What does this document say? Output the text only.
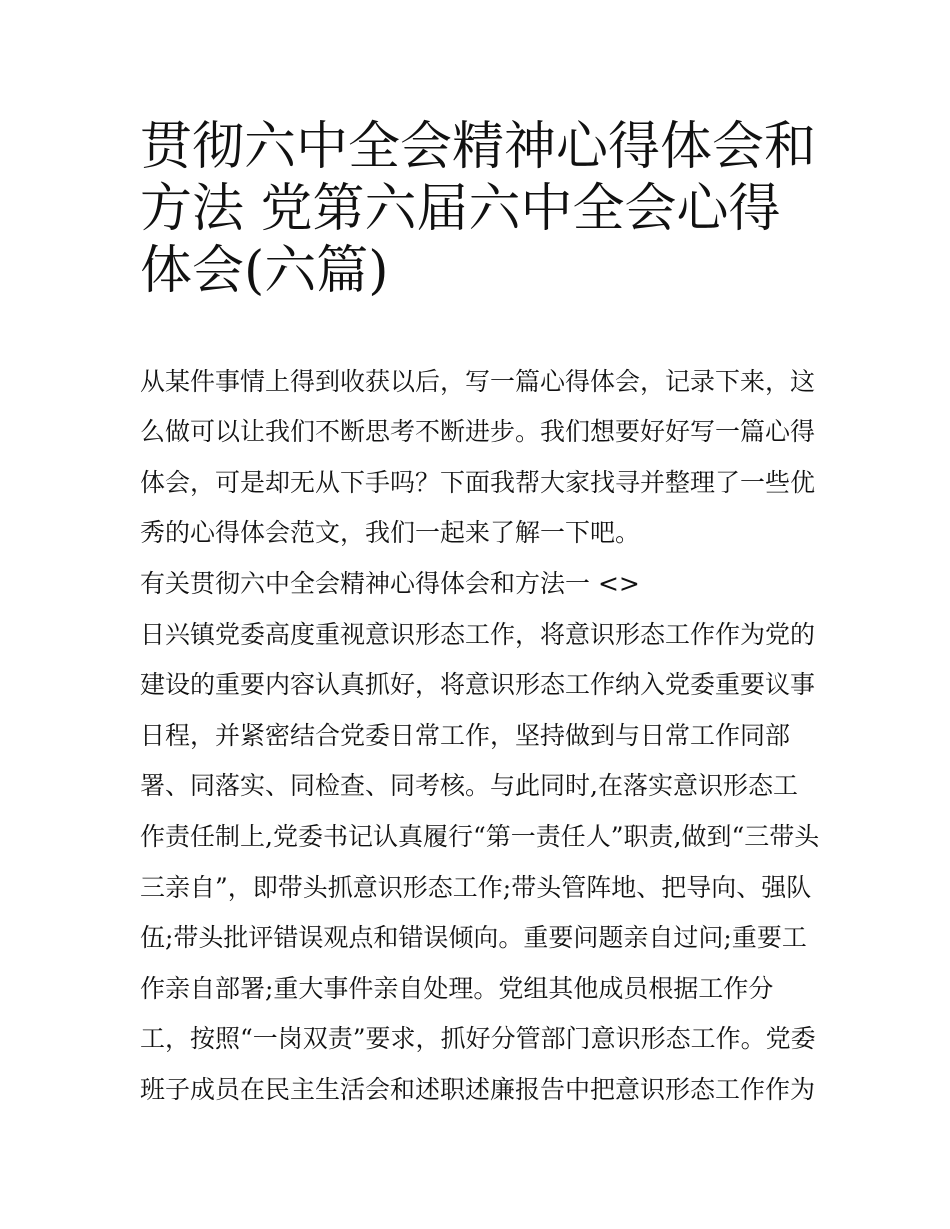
贯彻六中全会精神心得体会和方法 党第六届六中全会心得体会(六篇)

从某件事情上得到收获以后，写一篇心得体会，记录下来，这

么做可以让我们不断思考不断进步。我们想要好好写一篇心得

体会，可是却无从下手吗？下面我帮大家找寻并整理了一些优

秀的心得体会范文，我们一起来了解一下吧。

有关贯彻六中全会精神心得体会和方法一 <>

日兴镇党委高度重视意识形态工作，将意识形态工作作为党的

建设的重要内容认真抓好，将意识形态工作纳入党委重要议事

日程，并紧密结合党委日常工作，坚持做到与日常工作同部

署、同落实、同检查、同考核。与此同时,在落实意识形态工

作责任制上,党委书记认真履行“第一责任人”职责,做到“三带头

三亲自”，即带头抓意识形态工作;带头管阵地、把导向、强队

伍;带头批评错误观点和错误倾向。重要问题亲自过问;重要工

作亲自部署;重大事件亲自处理。党组其他成员根据工作分

工，按照“一岗双责”要求，抓好分管部门意识形态工作。党委

班子成员在民主生活会和述职述廉报告中把意识形态工作作为
